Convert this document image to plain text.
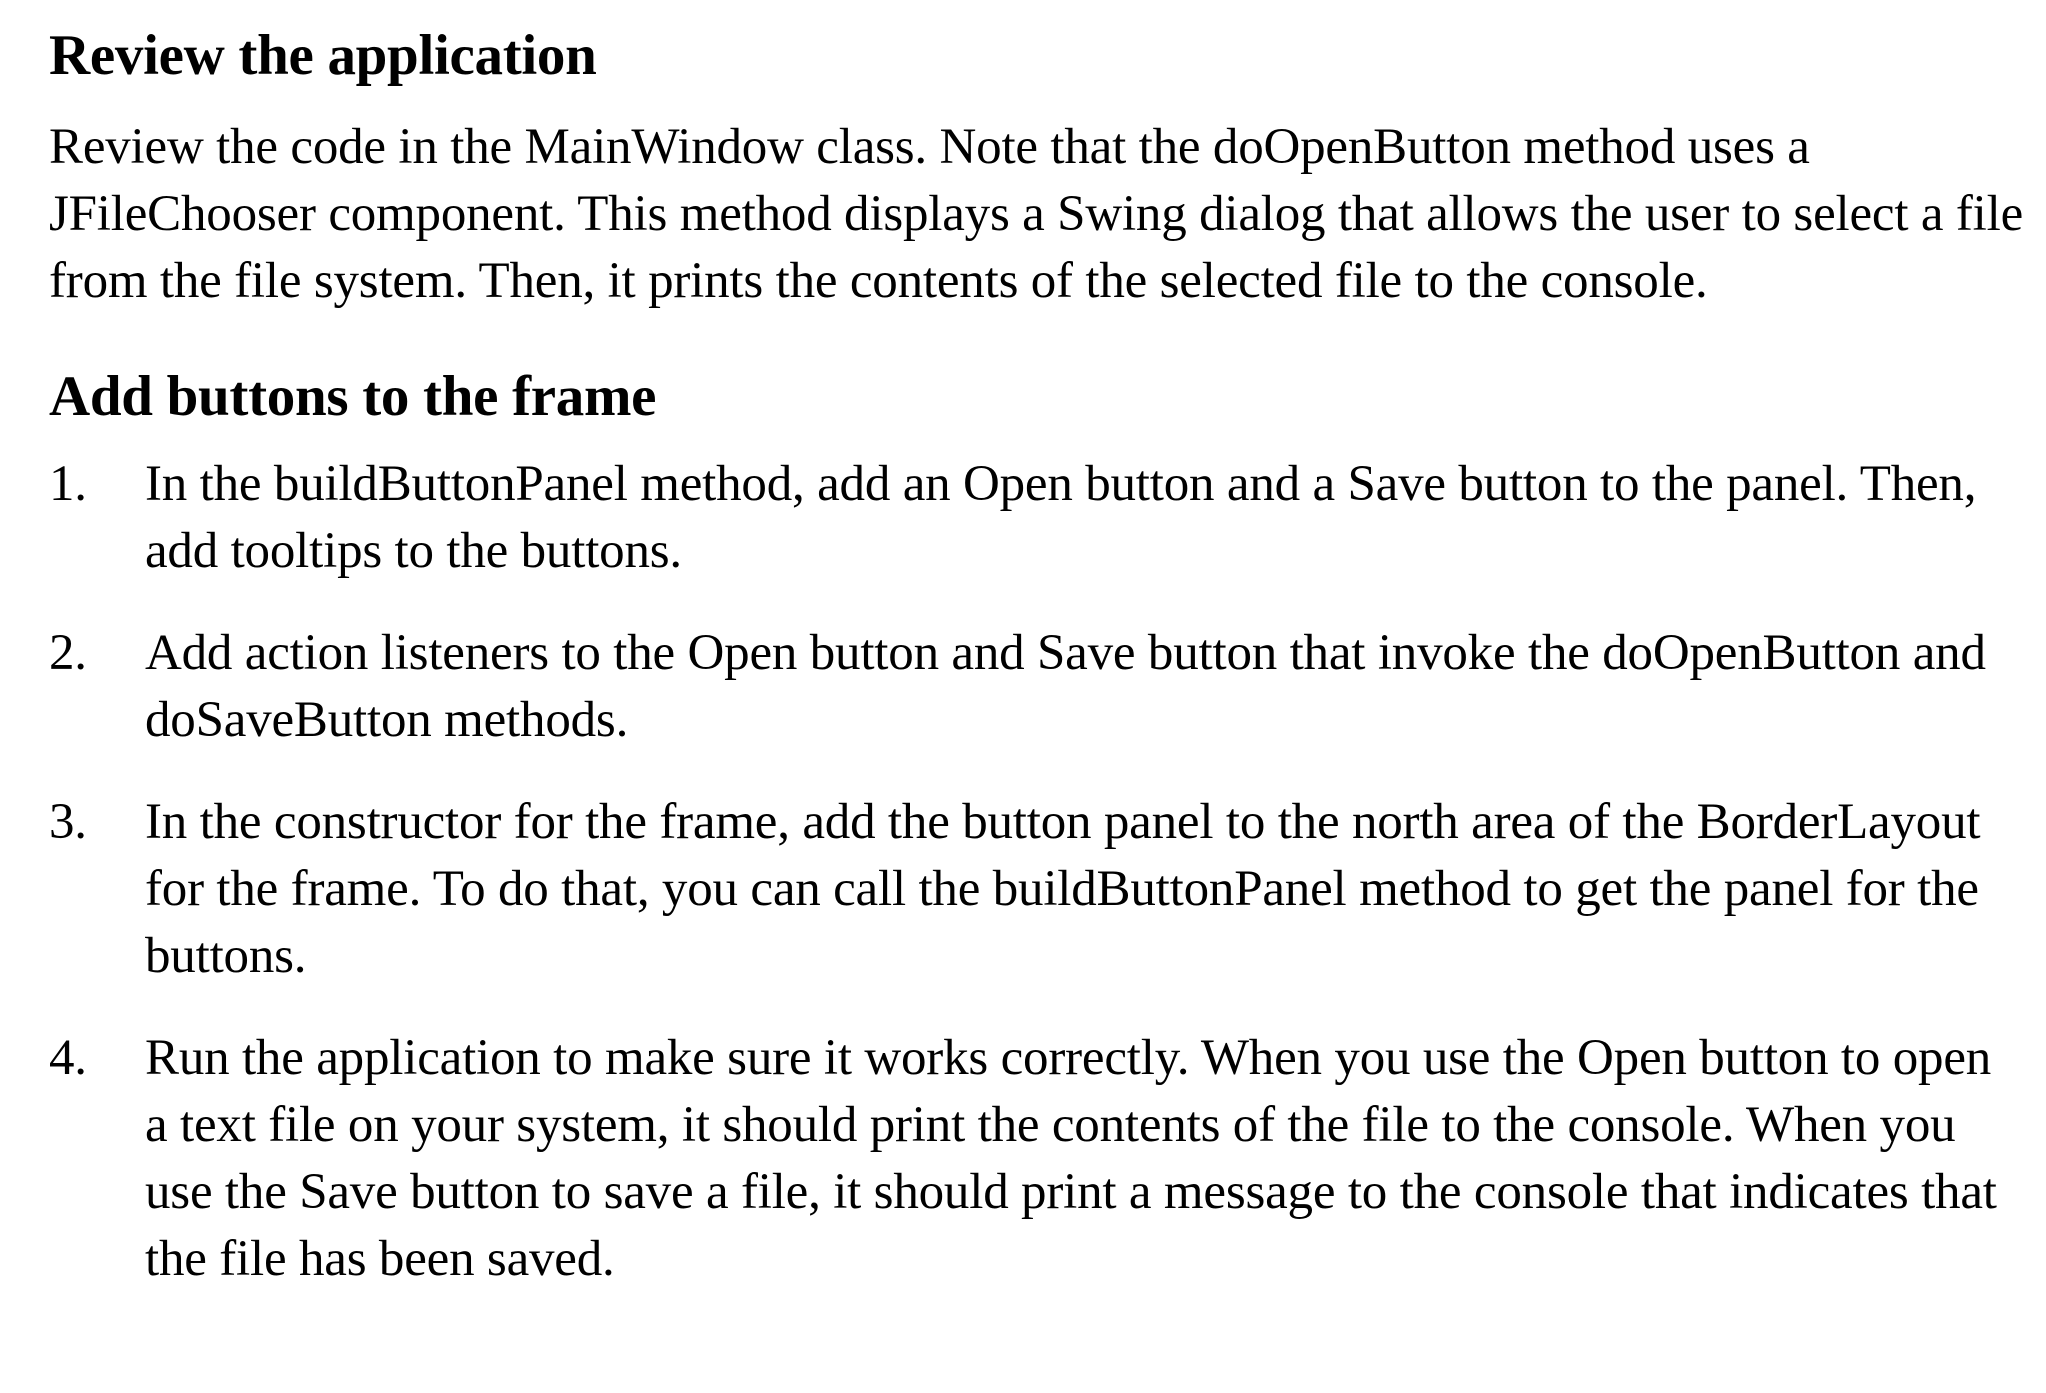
Review the application

Review the code in the MainWindow class. Note that the doOpenButton method uses a JFileChooser component. This method displays a Swing dialog that allows the user to select a file from the file system. Then, it prints the contents of the selected file to the console.

Add buttons to the frame
1. In the buildButtonPanel method, add an Open button and a Save button to the panel. Then, add tooltips to the buttons.
2. Add action listeners to the Open button and Save button that invoke the doOpenButton and doSaveButton methods.
3. In the constructor for the frame, add the button panel to the north area of the BorderLayout for the frame. To do that, you can call the buildButtonPanel method to get the panel for the buttons.
4. Run the application to make sure it works correctly. When you use the Open button to open a text file on your system, it should print the contents of the file to the console. When you use the Save button to save a file, it should print a message to the console that indicates that the file has been saved.
